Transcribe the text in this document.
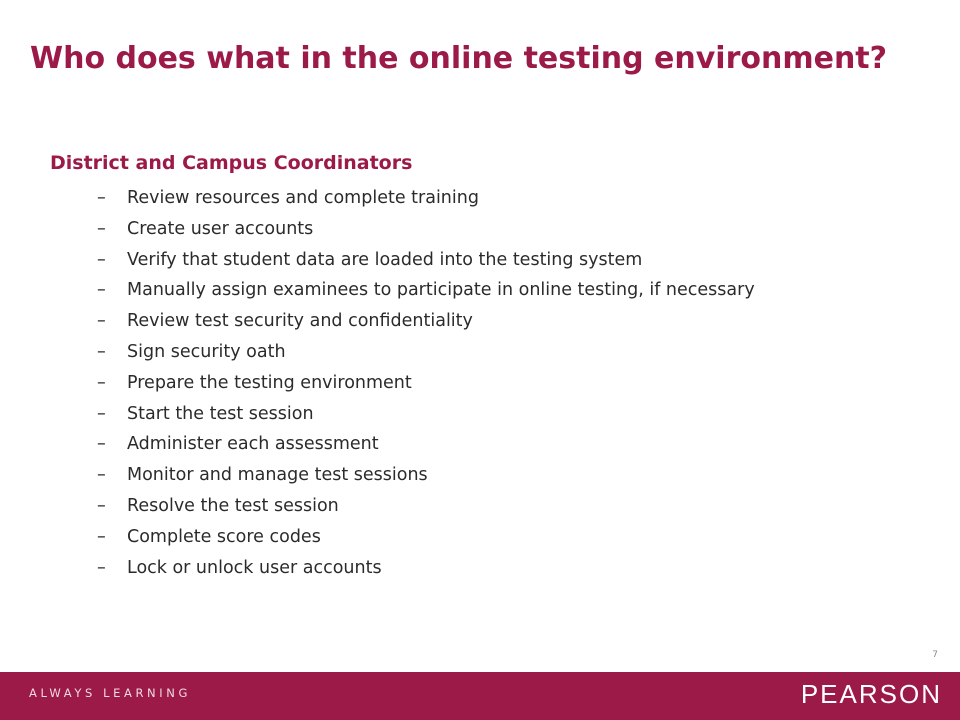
Who does what in the online testing environment?
District and Campus Coordinators
– Review resources and complete training
– Create user accounts
– Verify that student data are loaded into the testing system
– Manually assign examinees to participate in online testing, if necessary
– Review test security and confidentiality
– Sign security oath
– Prepare the testing environment
– Start the test session
– Administer each assessment
– Monitor and manage test sessions
– Resolve the test session
– Complete score codes
– Lock or unlock user accounts
7
ALWAYS LEARNING	PEARSON
